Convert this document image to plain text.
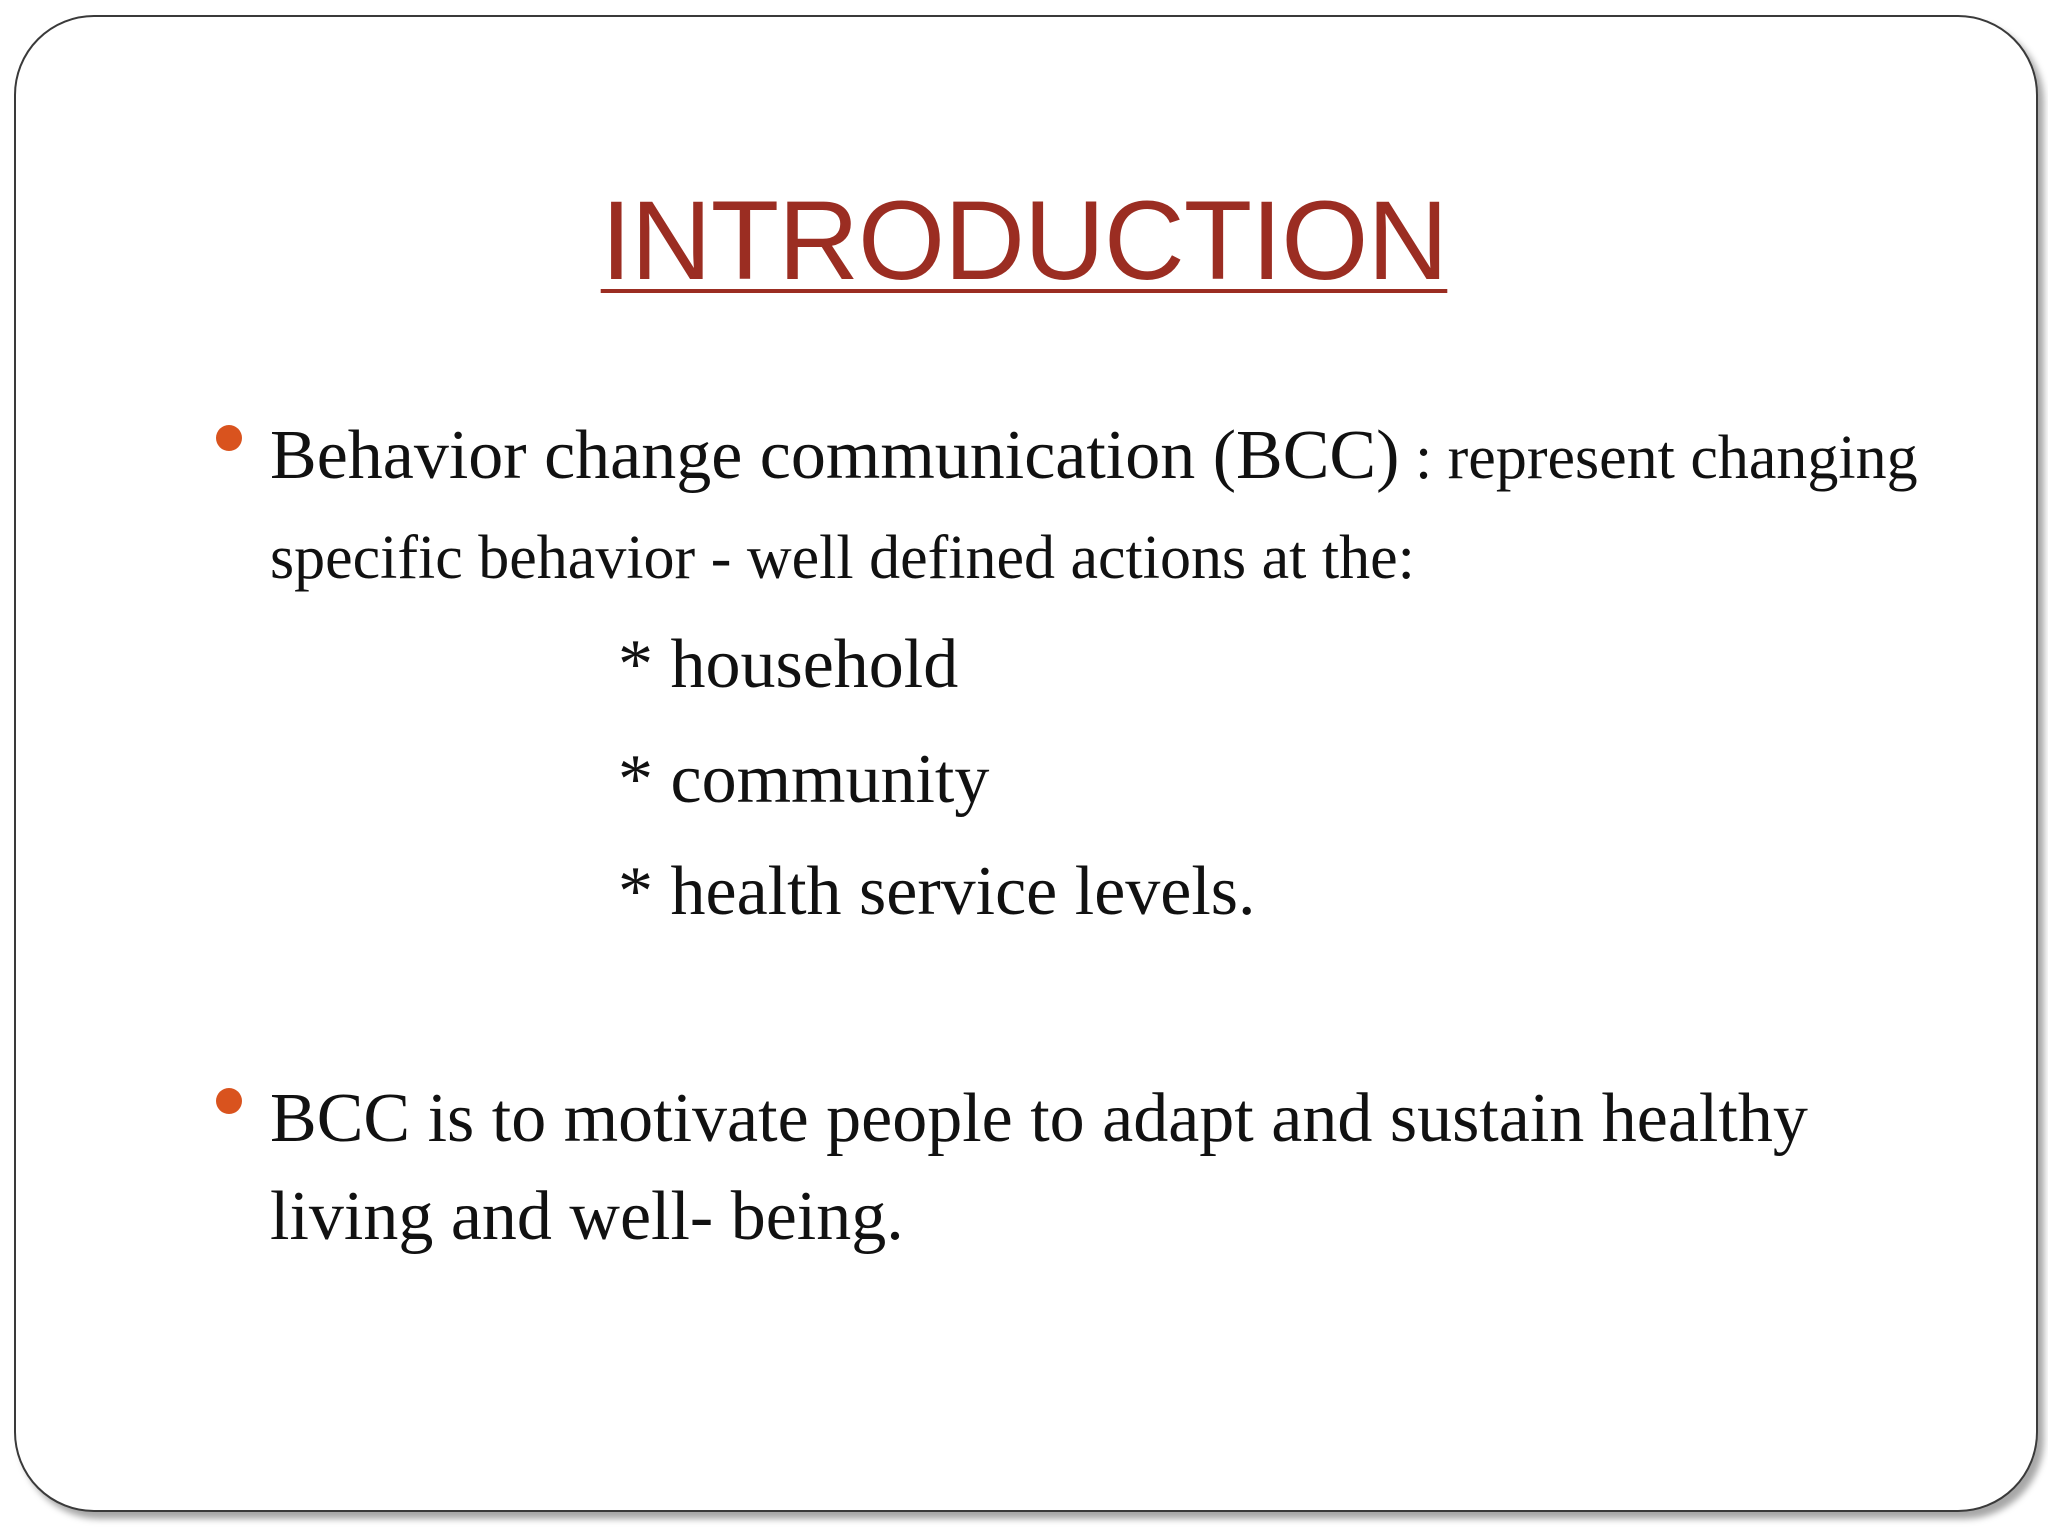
INTRODUCTION
Behavior change communication (BCC) : represent changing specific behavior - well defined actions at the:
* household
* community
* health service levels.
BCC is to motivate people to adapt and sustain healthy living and well- being.
